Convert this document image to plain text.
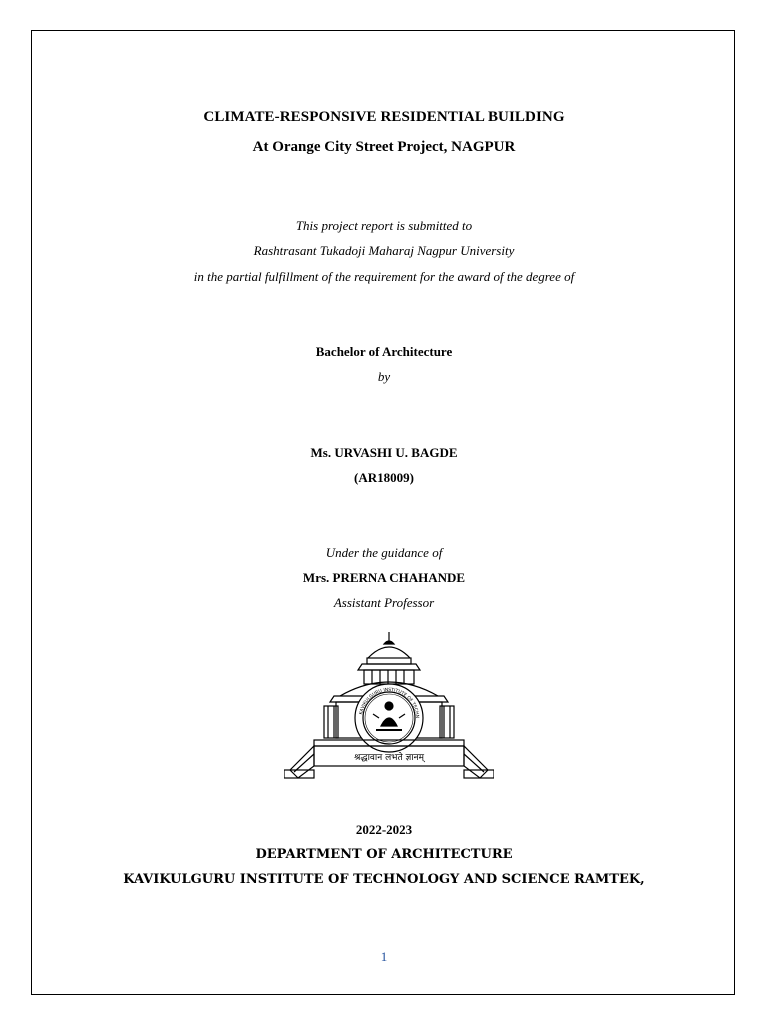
CLIMATE-RESPONSIVE RESIDENTIAL BUILDING
At Orange City Street Project, NAGPUR
This project report is submitted to
Rashtrasant Tukadoji Maharaj Nagpur University
in the partial fulfillment of the requirement for the award of the degree of
Bachelor of Architecture
by
Ms. URVASHI U. BAGDE
(AR18009)
Under the guidance of
Mrs. PRERNA CHAHANDE
Assistant Professor
KAVIKULGURU INSTITUTE OF TECHN
श्रद्धावान लभते ज्ञानम्
2022-2023
DEPARTMENT OF ARCHITECTURE
KAVIKULGURU INSTITUTE OF TECHNOLOGY AND SCIENCE RAMTEK,
1
